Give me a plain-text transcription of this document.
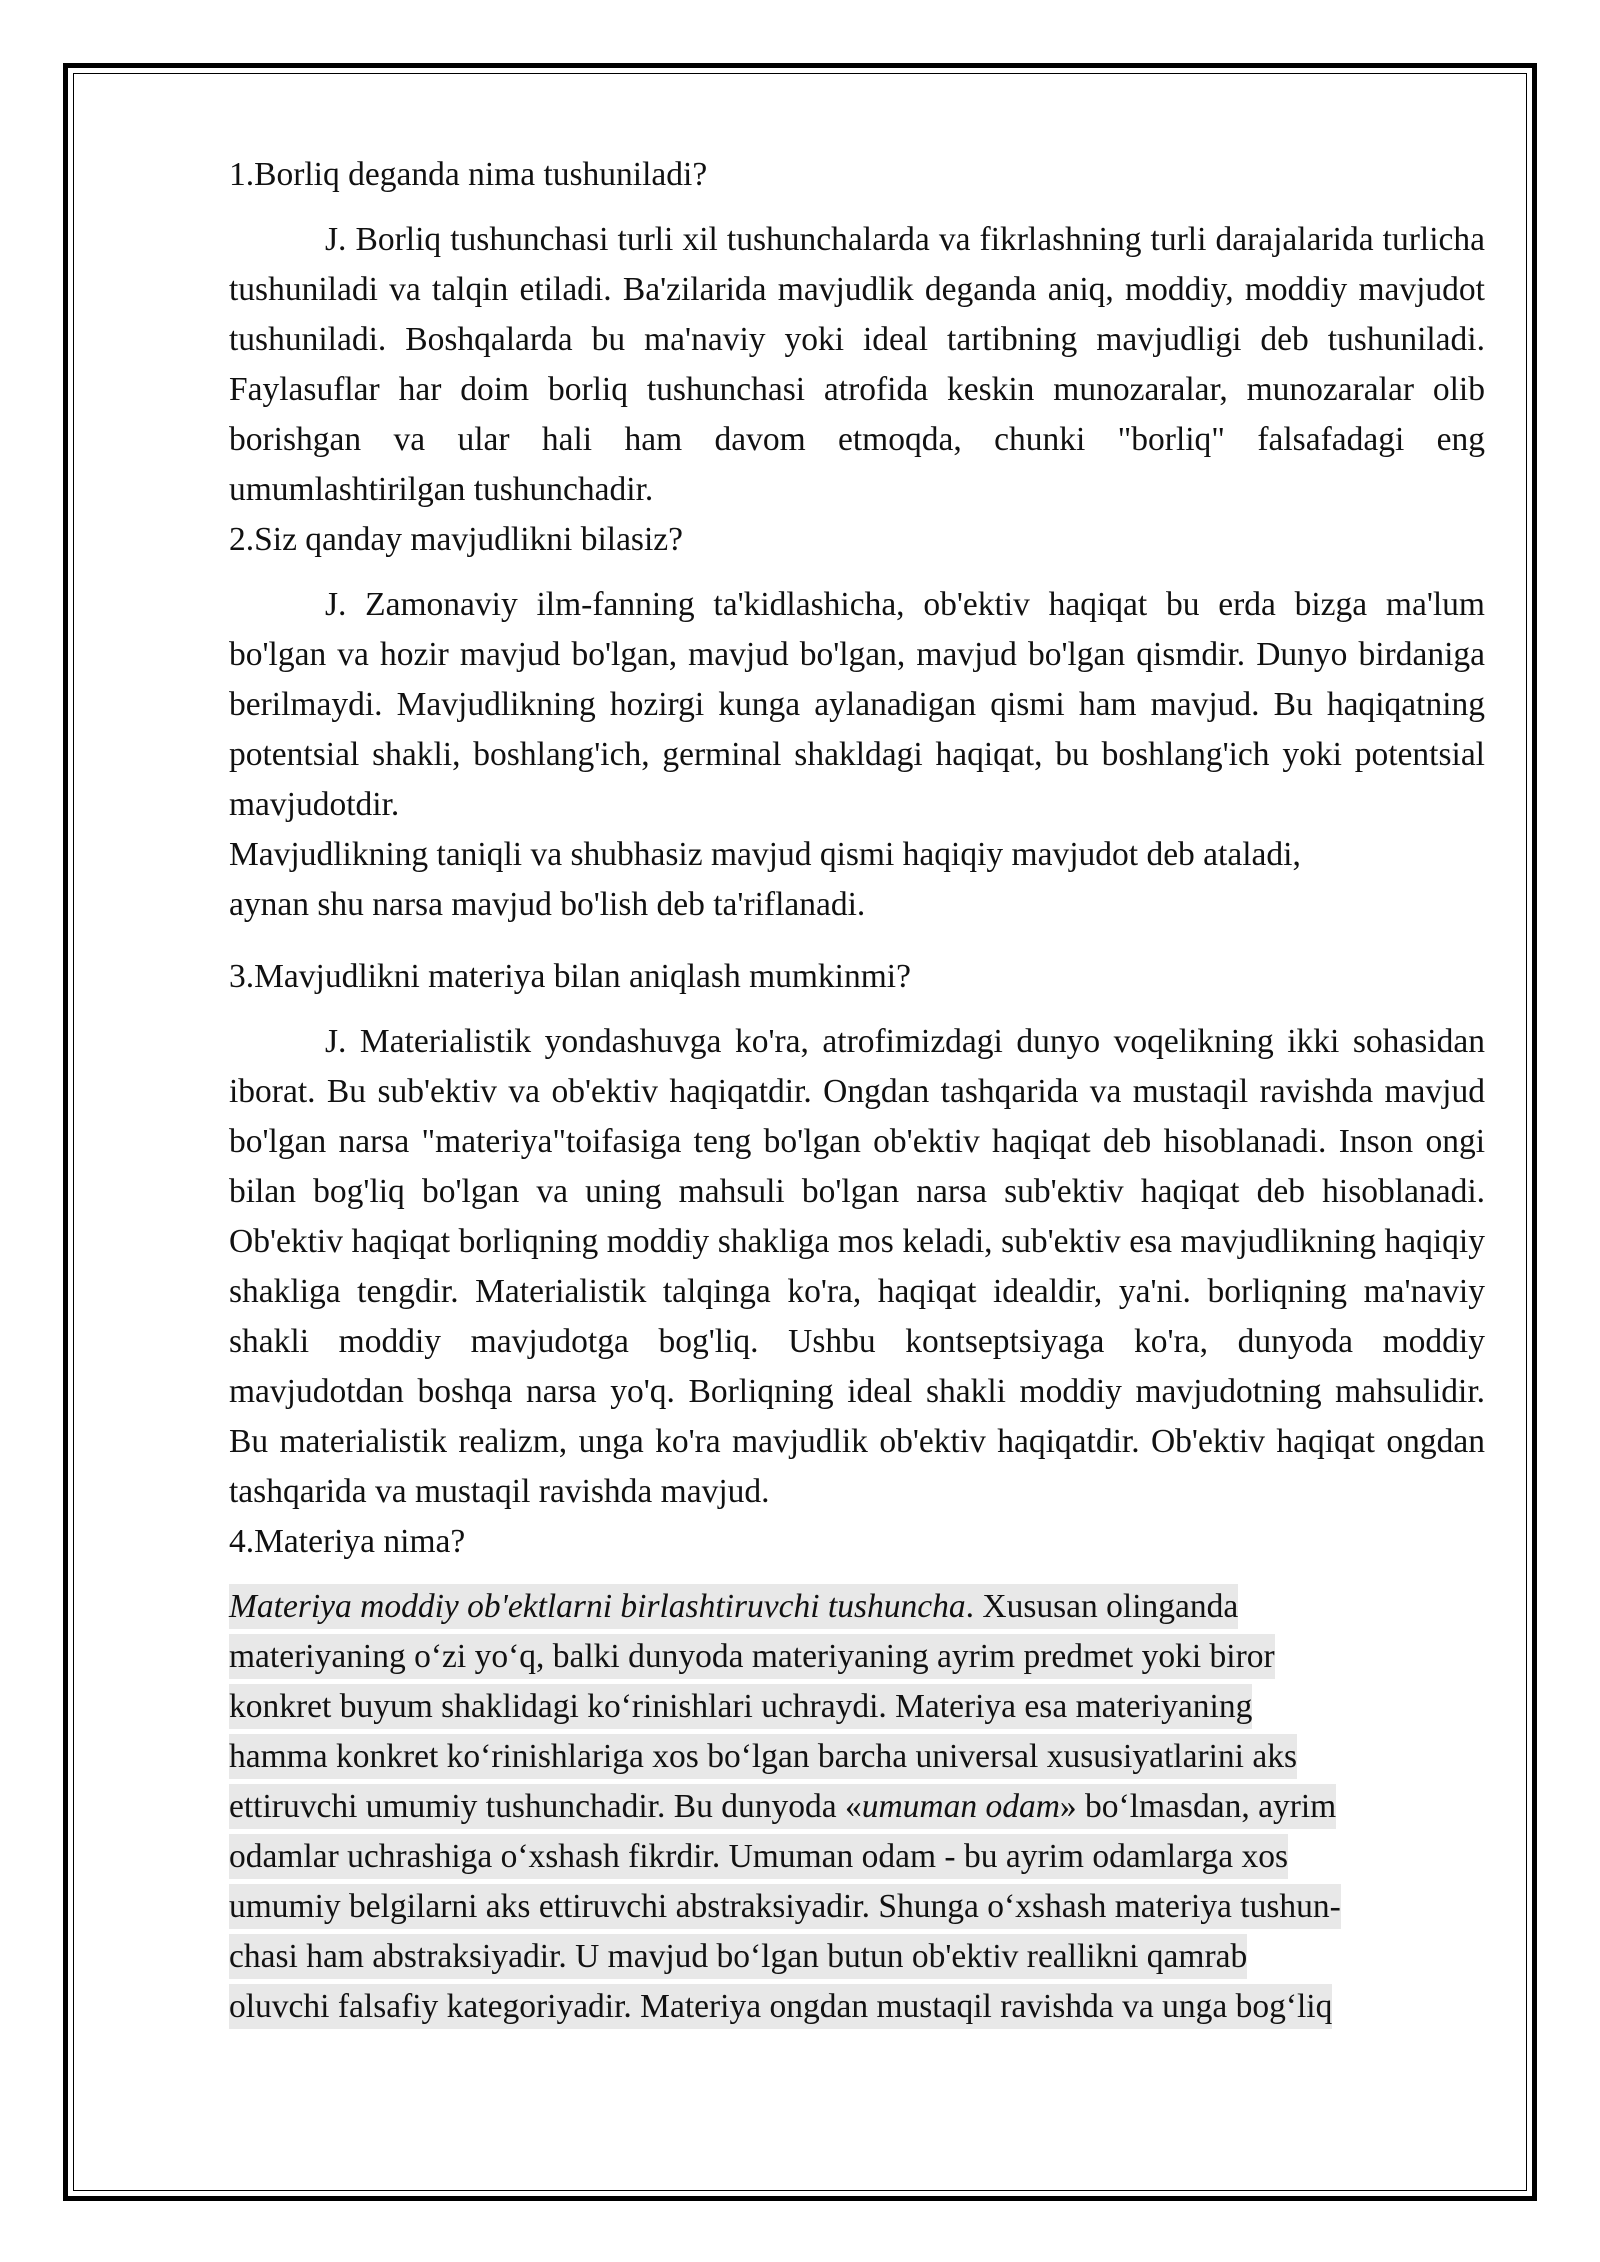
1.Borliq deganda nima tushuniladi?

J. Borliq tushunchasi turli xil tushunchalarda va fikrlashning turli darajalarida turlicha tushuniladi va talqin etiladi. Ba'zilarida mavjudlik deganda aniq, moddiy, moddiy mavjudot tushuniladi. Boshqalarda bu ma'naviy yoki ideal tartibning mavjudligi deb tushuniladi. Faylasuflar har doim borliq tushunchasi atrofida keskin munozaralar, munozaralar olib borishgan va ular hali ham davom etmoqda, chunki "borliq" falsafadagi eng umumlashtirilgan tushunchadir.

2.Siz qanday mavjudlikni bilasiz?

J. Zamonaviy ilm-fanning ta'kidlashicha, ob'ektiv haqiqat bu erda bizga ma'lum bo'lgan va hozir mavjud bo'lgan, mavjud bo'lgan, mavjud bo'lgan qismdir. Dunyo birdaniga berilmaydi. Mavjudlikning hozirgi kunga aylanadigan qismi ham mavjud. Bu haqiqatning potentsial shakli, boshlang'ich, germinal shakldagi haqiqat, bu boshlang'ich yoki potentsial mavjudotdir.

Mavjudlikning taniqli va shubhasiz mavjud qismi haqiqiy mavjudot deb ataladi,

aynan shu narsa mavjud bo'lish deb ta'riflanadi.

3.Mavjudlikni materiya bilan aniqlash mumkinmi?

J. Materialistik yondashuvga ko'ra, atrofimizdagi dunyo voqelikning ikki sohasidan iborat. Bu sub'ektiv va ob'ektiv haqiqatdir. Ongdan tashqarida va mustaqil ravishda mavjud bo'lgan narsa "materiya"toifasiga teng bo'lgan ob'ektiv haqiqat deb hisoblanadi. Inson ongi bilan bog'liq bo'lgan va uning mahsuli bo'lgan narsa sub'ektiv haqiqat deb hisoblanadi. Ob'ektiv haqiqat borliqning moddiy shakliga mos keladi, sub'ektiv esa mavjudlikning haqiqiy shakliga tengdir. Materialistik talqinga ko'ra, haqiqat idealdir, ya'ni. borliqning ma'naviy shakli moddiy mavjudotga bog'liq. Ushbu kontseptsiyaga ko'ra, dunyoda moddiy mavjudotdan boshqa narsa yo'q. Borliqning ideal shakli moddiy mavjudotning mahsulidir. Bu materialistik realizm, unga ko'ra mavjudlik ob'ektiv haqiqatdir. Ob'ektiv haqiqat ongdan tashqarida va mustaqil ravishda mavjud.

4.Materiya nima?

Materiya moddiy ob'ektlarni birlashtiruvchi tushuncha. Xususan olinganda
materiyaning o‘zi yo‘q, balki dunyoda materiyaning ayrim predmet yoki biror
konkret buyum shaklidagi ko‘rinishlari uchraydi. Materiya esa materiyaning
hamma konkret ko‘rinishlariga xos bo‘lgan barcha universal xususiyatlarini aks
ettiruvchi umumiy tushunchadir. Bu dunyoda «umuman odam» bo‘lmasdan, ayrim
odamlar uchrashiga o‘xshash fikrdir. Umuman odam - bu ayrim odamlarga xos
umumiy belgilarni aks ettiruvchi abstraksiyadir. Shunga o‘xshash materiya tushun-
chasi ham abstraksiyadir. U mavjud bo‘lgan butun ob'ektiv reallikni qamrab
oluvchi falsafiy kategoriyadir. Materiya ongdan mustaqil ravishda va unga bog‘liq
